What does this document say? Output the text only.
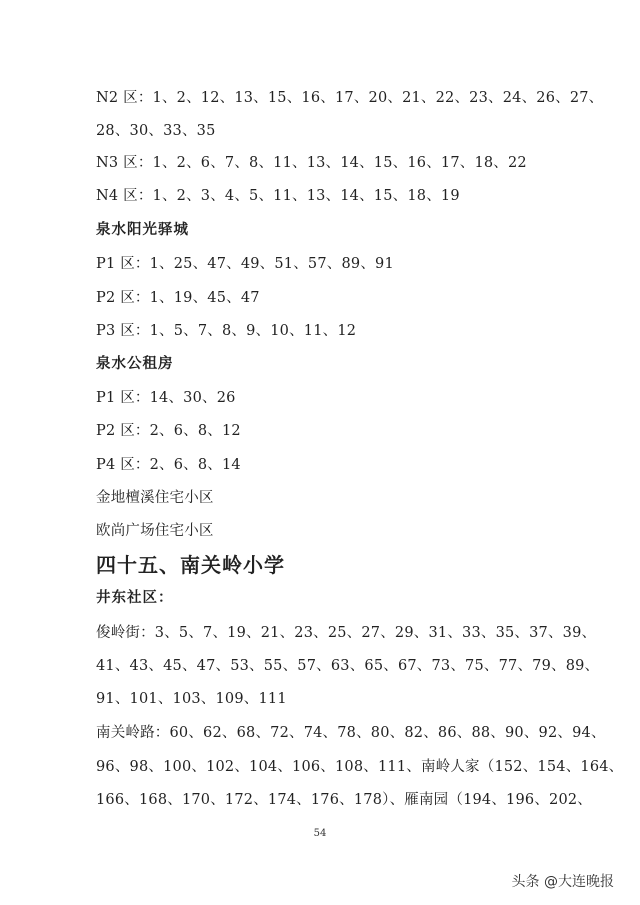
N2 区：1、2、12、13、15、16、17、20、21、22、23、24、26、27、
28、30、33、35
N3 区：1、2、6、7、8、11、13、14、15、16、17、18、22
N4 区：1、2、3、4、5、11、13、14、15、18、19
泉水阳光驿城
P1 区：1、25、47、49、51、57、89、91
P2 区：1、19、45、47
P3 区：1、5、7、8、9、10、11、12
泉水公租房
P1 区：14、30、26
P2 区：2、6、8、12
P4 区：2、6、8、14
金地檀溪住宅小区
欧尚广场住宅小区
四十五、南关岭小学
井东社区：
俊岭街：3、5、7、19、21、23、25、27、29、31、33、35、37、39、
41、43、45、47、53、55、57、63、65、67、73、75、77、79、89、
91、101、103、109、111
南关岭路：60、62、68、72、74、78、80、82、86、88、90、92、94、
96、98、100、102、104、106、108、111、南岭人家（152、154、164、
166、168、170、172、174、176、178）、雁南园（194、196、202、
54
头条 @大连晚报
